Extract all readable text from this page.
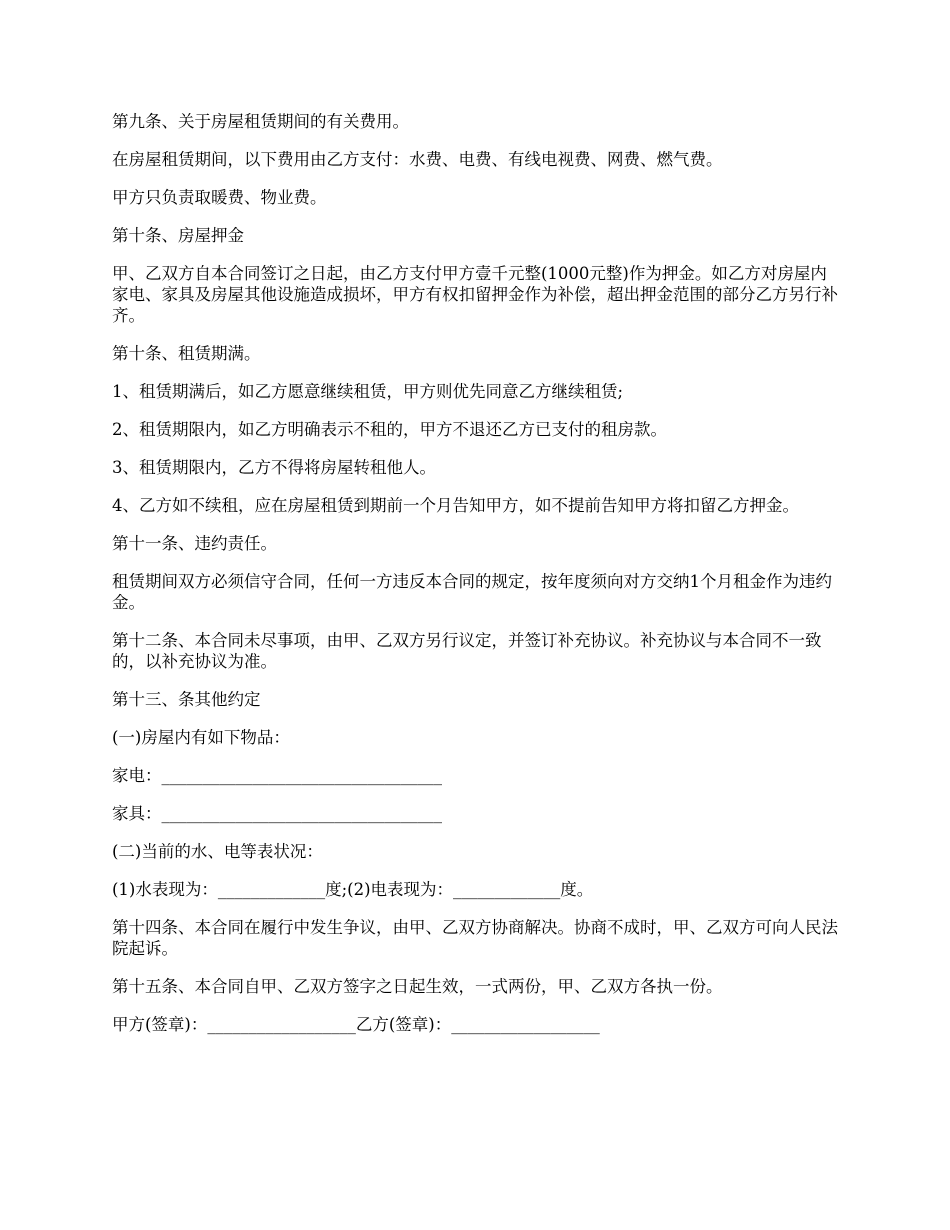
第九条、关于房屋租赁期间的有关费用。

在房屋租赁期间，以下费用由乙方支付：水费、电费、有线电视费、网费、燃气费。

甲方只负责取暖费、物业费。

第十条、房屋押金

甲、乙双方自本合同签订之日起，由乙方支付甲方壹千元整(1000元整)作为押金。如乙方对房屋内家电、家具及房屋其他设施造成损坏，甲方有权扣留押金作为补偿，超出押金范围的部分乙方另行补齐。

第十条、租赁期满。

1、租赁期满后，如乙方愿意继续租赁，甲方则优先同意乙方继续租赁;

2、租赁期限内，如乙方明确表示不租的，甲方不退还乙方已支付的租房款。

3、租赁期限内，乙方不得将房屋转租他人。

4、乙方如不续租，应在房屋租赁到期前一个月告知甲方，如不提前告知甲方将扣留乙方押金。

第十一条、违约责任。

租赁期间双方必须信守合同，任何一方违反本合同的规定，按年度须向对方交纳1个月租金作为违约金。

第十二条、本合同未尽事项，由甲、乙双方另行议定，并签订补充协议。补充协议与本合同不一致的，以补充协议为准。

第十三、条其他约定

(一)房屋内有如下物品：

家电：__________________________________

家具：__________________________________

(二)当前的水、电等表状况：

(1)水表现为：_____________度;(2)电表现为：_____________度。

第十四条、本合同在履行中发生争议，由甲、乙双方协商解决。协商不成时，甲、乙双方可向人民法院起诉。

第十五条、本合同自甲、乙双方签字之日起生效，一式两份，甲、乙双方各执一份。

甲方(签章)：__________________乙方(签章)：__________________
